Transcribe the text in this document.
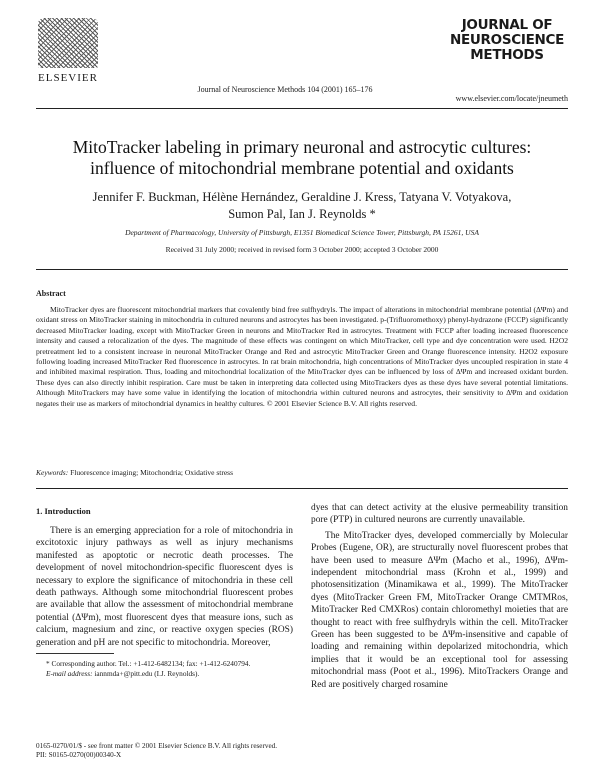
ELSEVIER
Journal of Neuroscience Methods 104 (2001) 165–176
JOURNAL OF
NEUROSCIENCE
METHODS
www.elsevier.com/locate/jneumeth
MitoTracker labeling in primary neuronal and astrocytic cultures:
influence of mitochondrial membrane potential and oxidants
Jennifer F. Buckman, Hélène Hernández, Geraldine J. Kress, Tatyana V. Votyakova,
Sumon Pal, Ian J. Reynolds *
Department of Pharmacology, University of Pittsburgh, E1351 Biomedical Science Tower, Pittsburgh, PA 15261, USA
Received 31 July 2000; received in revised form 3 October 2000; accepted 3 October 2000
Abstract
MitoTracker dyes are fluorescent mitochondrial markers that covalently bind free sulfhydryls. The impact of alterations in mitochondrial membrane potential (ΔΨm) and oxidant stress on MitoTracker staining in mitochondria in cultured neurons and astrocytes has been investigated. p-(Trifluoromethoxy) phenyl-hydrazone (FCCP) significantly decreased MitoTracker loading, except with MitoTracker Green in neurons and MitoTracker Red in astrocytes. Treatment with FCCP after loading increased fluorescence intensity and caused a relocalization of the dyes. The magnitude of these effects was contingent on which MitoTracker, cell type and dye concentration were used. H2O2 pretreatment led to a consistent increase in neuronal MitoTracker Orange and Red and astrocytic MitoTracker Green and Orange fluorescence intensity. H2O2 exposure following loading increased MitoTracker Red fluorescence in astrocytes. In rat brain mitochondria, high concentrations of MitoTracker dyes uncoupled respiration in state 4 and inhibited maximal respiration. Thus, loading and mitochondrial localization of the MitoTracker dyes can be influenced by loss of ΔΨm and increased oxidant burden. These dyes can also directly inhibit respiration. Care must be taken in interpreting data collected using MitoTrackers dyes as these dyes have several potential limitations. Although MitoTrackers may have some value in identifying the location of mitochondria within cultured neurons and astrocytes, their sensitivity to ΔΨm and oxidation negates their use as markers of mitochondrial dynamics in healthy cultures. © 2001 Elsevier Science B.V. All rights reserved.
Keywords: Fluorescence imaging; Mitochondria; Oxidative stress
1. Introduction
There is an emerging appreciation for a role of mitochondria in excitotoxic injury pathways as well as injury mechanisms manifested as apoptotic or necrotic death processes. The development of novel mitochondrion-specific fluorescent dyes is necessary to explore the significance of mitochondria in these cell death pathways. Although some mitochondrial fluorescent probes are available that allow the assessment of mitochondrial membrane potential (ΔΨm), most fluorescent dyes that measure ions, such as calcium, magnesium and zinc, or reactive oxygen species (ROS) generation and pH are not specific to mitochondria. Moreover,

dyes that can detect activity at the elusive permeability transition pore (PTP) in cultured neurons are currently unavailable.

The MitoTracker dyes, developed commercially by Molecular Probes (Eugene, OR), are structurally novel fluorescent probes that have been used to measure ΔΨm (Macho et al., 1996), ΔΨm-independent mitochondrial mass (Krohn et al., 1999) and photosensitization (Minamikawa et al., 1999). The MitoTracker dyes (MitoTracker Green FM, MitoTracker Orange CMTMRos, MitoTracker Red CMXRos) contain chloromethyl moieties that are thought to react with free sulfhydryls within the cell. MitoTracker Green has been suggested to be ΔΨm-insensitive and capable of loading and remaining within depolarized mitochondria, which implies that it would be an exceptional tool for assessing mitochondrial mass (Poot et al., 1996). MitoTrackers Orange and Red are positively charged rosamine

* Corresponding author. Tel.: +1-412-6482134; fax: +1-412-6240794.

E-mail address: iannmda+@pitt.edu (I.J. Reynolds).

0165-0270/01/$ - see front matter © 2001 Elsevier Science B.V. All rights reserved.
PII: S0165-0270(00)00340-X
